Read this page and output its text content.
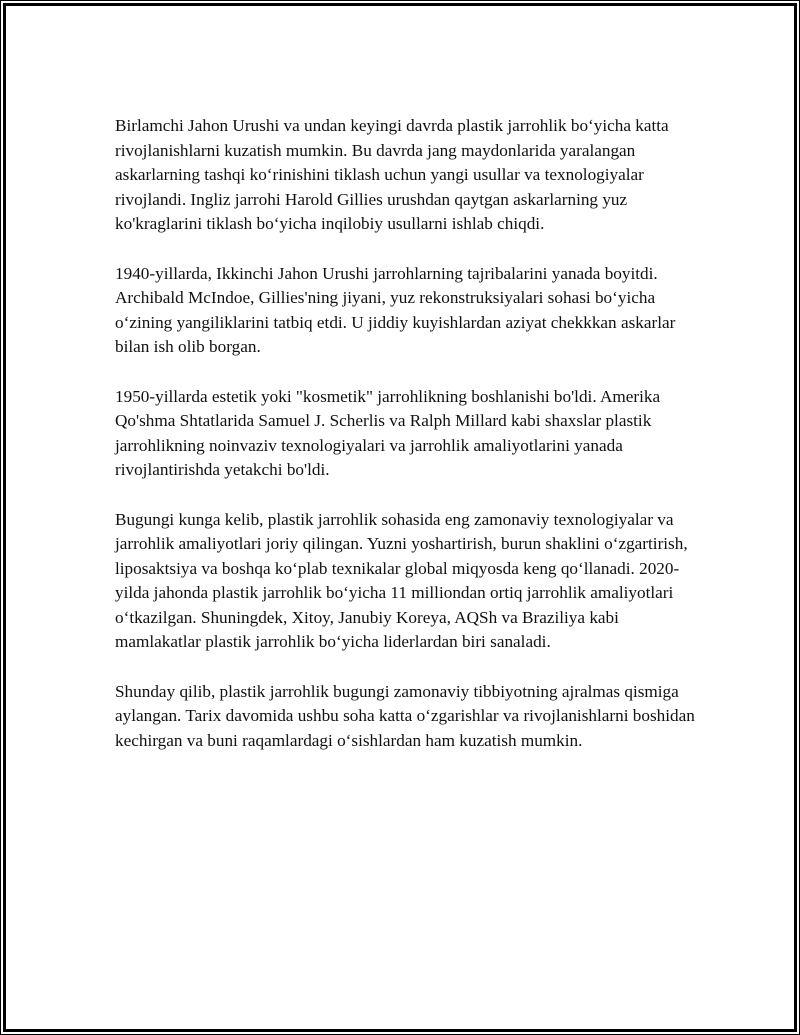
Birlamchi Jahon Urushi va undan keyingi davrda plastik jarrohlik bo‘yicha katta rivojlanishlarni kuzatish mumkin. Bu davrda jang maydonlarida yaralangan askarlarning tashqi ko‘rinishini tiklash uchun yangi usullar va texnologiyalar rivojlandi. Ingliz jarrohi Harold Gillies urushdan qaytgan askarlarning yuz ko'kraglarini tiklash bo‘yicha inqilobiy usullarni ishlab chiqdi.

1940-yillarda, Ikkinchi Jahon Urushi jarrohlarning tajribalarini yanada boyitdi. Archibald McIndoe, Gillies'ning jiyani, yuz rekonstruksiyalari sohasi bo‘yicha o‘zining yangiliklarini tatbiq etdi. U jiddiy kuyishlardan aziyat chekkkan askarlar bilan ish olib borgan.

1950-yillarda estetik yoki "kosmetik" jarrohlikning boshlanishi bo'ldi. Amerika Qo'shma Shtatlarida Samuel J. Scherlis va Ralph Millard kabi shaxslar plastik jarrohlikning noinvaziv texnologiyalari va jarrohlik amaliyotlarini yanada rivojlantirishda yetakchi bo'ldi.

Bugungi kunga kelib, plastik jarrohlik sohasida eng zamonaviy texnologiyalar va jarrohlik amaliyotlari joriy qilingan. Yuzni yoshartirish, burun shaklini o‘zgartirish, liposaktsiya va boshqa ko‘plab texnikalar global miqyosda keng qo‘llanadi. 2020-yilda jahonda plastik jarrohlik bo‘yicha 11 milliondan ortiq jarrohlik amaliyotlari o‘tkazilgan. Shuningdek, Xitoy, Janubiy Koreya, AQSh va Braziliya kabi mamlakatlar plastik jarrohlik bo‘yicha liderlardan biri sanaladi.

Shunday qilib, plastik jarrohlik bugungi zamonaviy tibbiyotning ajralmas qismiga aylangan. Tarix davomida ushbu soha katta o‘zgarishlar va rivojlanishlarni boshidan kechirgan va buni raqamlardagi o‘sishlardan ham kuzatish mumkin.
